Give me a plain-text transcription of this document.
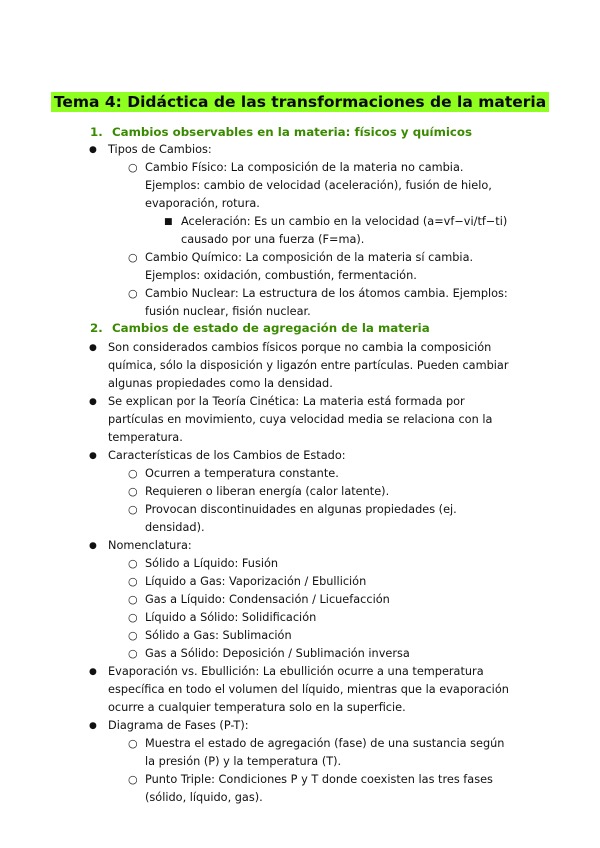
Tema 4: Didáctica de las transformaciones de la materia
1. Cambios observables en la materia: físicos y químicos
● Tipos de Cambios:
○ Cambio Físico: La composición de la materia no cambia. Ejemplos: cambio de velocidad (aceleración), fusión de hielo, evaporación, rotura.
■ Aceleración: Es un cambio en la velocidad (a=vf−vi/tf−ti) causado por una fuerza (F=ma).
○ Cambio Químico: La composición de la materia sí cambia. Ejemplos: oxidación, combustión, fermentación.
○ Cambio Nuclear: La estructura de los átomos cambia. Ejemplos: fusión nuclear, fisión nuclear.
2. Cambios de estado de agregación de la materia
● Son considerados cambios físicos porque no cambia la composición química, sólo la disposición y ligazón entre partículas. Pueden cambiar algunas propiedades como la densidad.
● Se explican por la Teoría Cinética: La materia está formada por partículas en movimiento, cuya velocidad media se relaciona con la temperatura.
● Características de los Cambios de Estado:
○ Ocurren a temperatura constante.
○ Requieren o liberan energía (calor latente).
○ Provocan discontinuidades en algunas propiedades (ej. densidad).
● Nomenclatura:
○ Sólido a Líquido: Fusión
○ Líquido a Gas: Vaporización / Ebullición
○ Gas a Líquido: Condensación / Licuefacción
○ Líquido a Sólido: Solidificación
○ Sólido a Gas: Sublimación
○ Gas a Sólido: Deposición / Sublimación inversa
● Evaporación vs. Ebullición: La ebullición ocurre a una temperatura específica en todo el volumen del líquido, mientras que la evaporación ocurre a cualquier temperatura solo en la superficie.
● Diagrama de Fases (P-T):
○ Muestra el estado de agregación (fase) de una sustancia según la presión (P) y la temperatura (T).
○ Punto Triple: Condiciones P y T donde coexisten las tres fases (sólido, líquido, gas).
